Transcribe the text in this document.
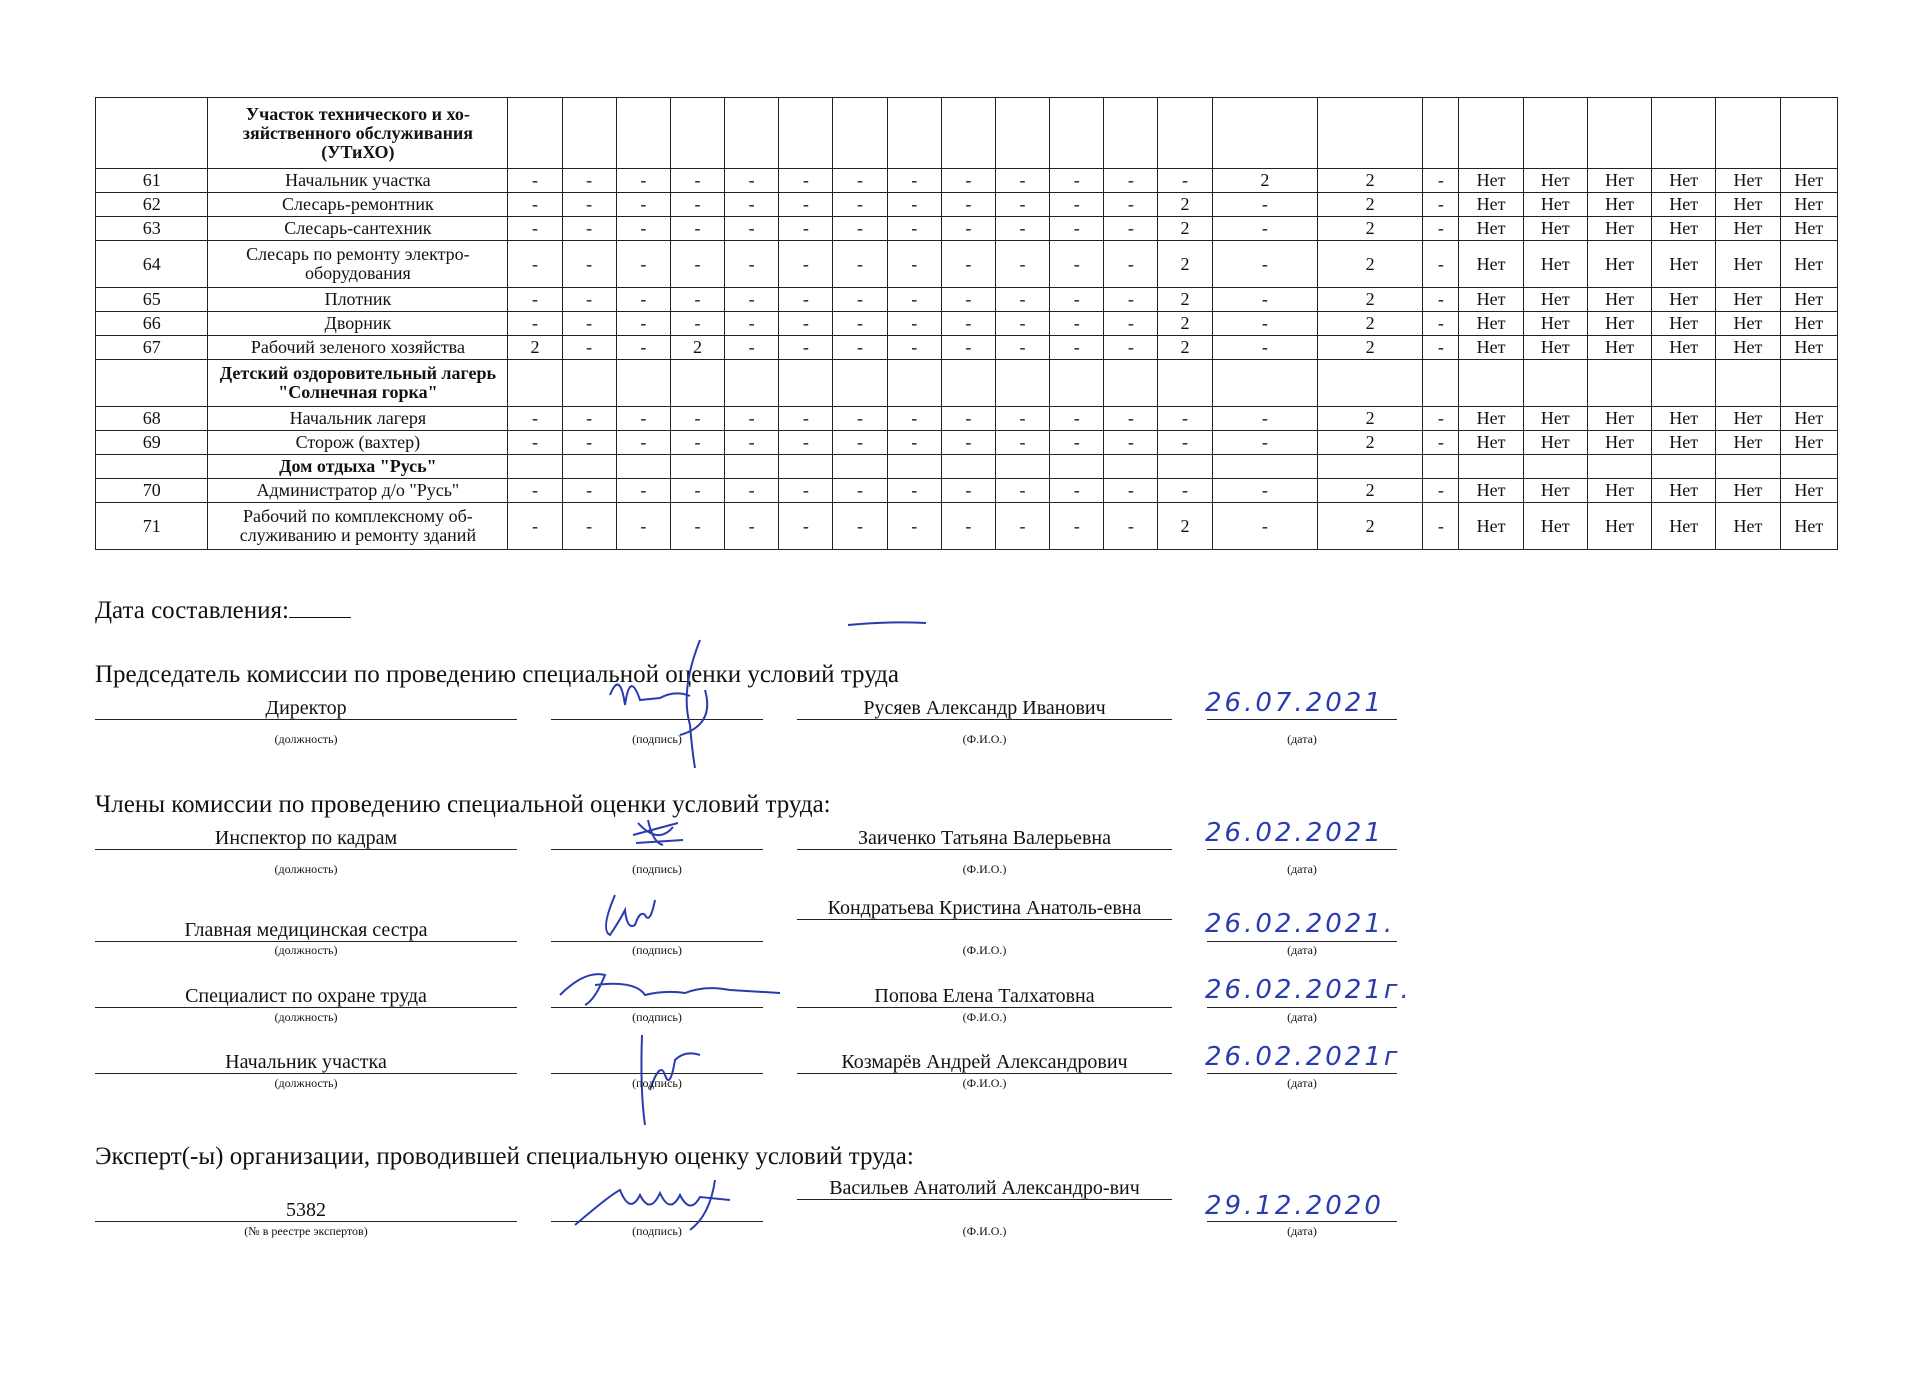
	Участок технического и хо-зяйственного обслуживания (УТиХО)																						
61	Начальник участка	-	-	-	-	-	-	-	-	-	-	-	-	-	2	2	-	Нет	Нет	Нет	Нет	Нет	Нет
62	Слесарь-ремонтник	-	-	-	-	-	-	-	-	-	-	-	-	2	-	2	-	Нет	Нет	Нет	Нет	Нет	Нет
63	Слесарь-сантехник	-	-	-	-	-	-	-	-	-	-	-	-	2	-	2	-	Нет	Нет	Нет	Нет	Нет	Нет
64	Слесарь по ремонту электро-оборудования	-	-	-	-	-	-	-	-	-	-	-	-	2	-	2	-	Нет	Нет	Нет	Нет	Нет	Нет
65	Плотник	-	-	-	-	-	-	-	-	-	-	-	-	2	-	2	-	Нет	Нет	Нет	Нет	Нет	Нет
66	Дворник	-	-	-	-	-	-	-	-	-	-	-	-	2	-	2	-	Нет	Нет	Нет	Нет	Нет	Нет
67	Рабочий зеленого хозяйства	2	-	-	2	-	-	-	-	-	-	-	-	2	-	2	-	Нет	Нет	Нет	Нет	Нет	Нет
	Детский оздоровительный лагерь "Солнечная горка"																						
68	Начальник лагеря	-	-	-	-	-	-	-	-	-	-	-	-	-	-	2	-	Нет	Нет	Нет	Нет	Нет	Нет
69	Сторож (вахтер)	-	-	-	-	-	-	-	-	-	-	-	-	-	-	2	-	Нет	Нет	Нет	Нет	Нет	Нет
	Дом отдыха "Русь"																						
70	Администратор д/о "Русь"	-	-	-	-	-	-	-	-	-	-	-	-	-	-	2	-	Нет	Нет	Нет	Нет	Нет	Нет
71	Рабочий по комплексному об-служиванию и ремонту зданий	-	-	-	-	-	-	-	-	-	-	-	-	2	-	2	-	Нет	Нет	Нет	Нет	Нет	Нет
Дата составления:
Председатель комиссии по проведению специальной оценки условий труда
Директор	Русяев Александр Иванович	26.07.2021
(должность)	(подпись)	(Ф.И.О.)	(дата)
Члены комиссии по проведению специальной оценки условий труда:
Инспектор по кадрам	Заиченко Татьяна Валерьевна	26.02.2021
(должность)	(подпись)	(Ф.И.О.)	(дата)
Главная медицинская сестра
Кондратьева Кристина Анатоль-евна
26.02.2021.
(должность)	(подпись)	(Ф.И.О.)	(дата)
Специалист по охране труда	Попова Елена Талхатовна	26.02.2021г.
(должность)	(подпись)	(Ф.И.О.)	(дата)
Начальник участка	Козмарёв Андрей Александрович	26.02.2021г
(должность)	(подпись)	(Ф.И.О.)	(дата)
Эксперт(-ы) организации, проводившей специальную оценку условий труда:
5382
Васильев Анатолий Александро-вич
29.12.2020
(№ в реестре экспертов)	(подпись)	(Ф.И.О.)	(дата)
